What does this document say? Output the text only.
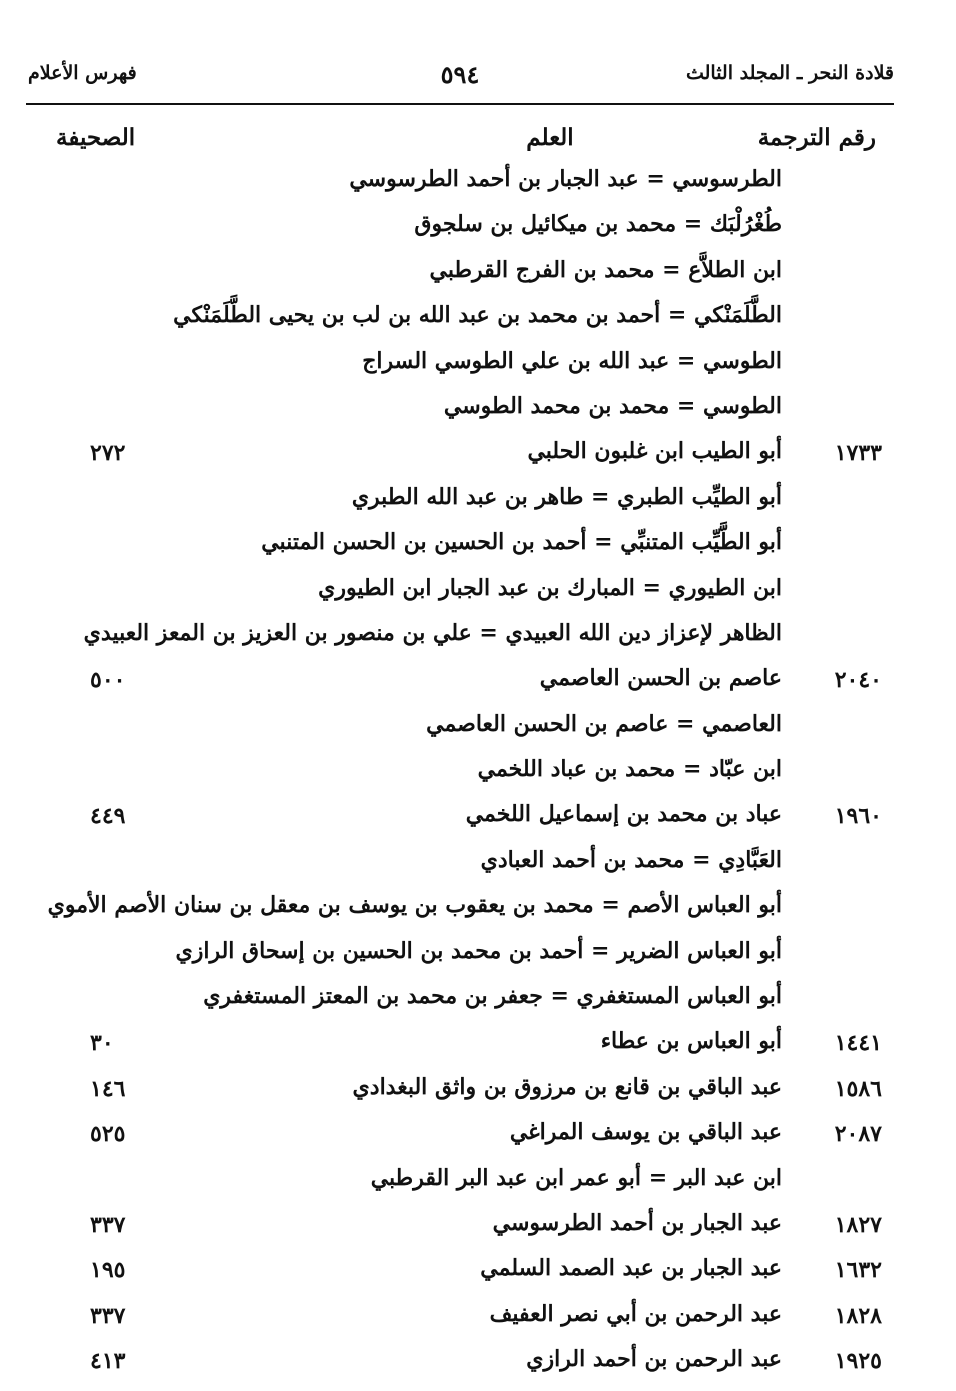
قلادة النحر ـ المجلد الثالث
٥٩٤
فهرس الأعلام
رقم الترجمة
العلم
الصحيفة
الطرسوسي = عبد الجبار بن أحمد الطرسوسي
طُغْرُلْبَك = محمد بن ميكائيل بن سلجوق
ابن الطلاَّع = محمد بن الفرج القرطبي
الطَّلَمَنْكي = أحمد بن محمد بن عبد الله بن لب بن يحيى الطَّلَمَنْكي
الطوسي = عبد الله بن علي الطوسي السراج
الطوسي = محمد بن محمد الطوسي
١٧٣٣
أبو الطيب ابن غلبون الحلبي
٢٧٢
أبو الطيِّب الطبري = طاهر بن عبد الله الطبري
أبو الطَّيِّب المتنبِّي = أحمد بن الحسين بن الحسن المتنبي
ابن الطيوري = المبارك بن عبد الجبار ابن الطيوري
الظاهر لإعزاز دين الله العبيدي = علي بن منصور بن العزيز بن المعز العبيدي
٢٠٤٠
عاصم بن الحسن العاصمي
٥٠٠
العاصمي = عاصم بن الحسن العاصمي
ابن عبّاد = محمد بن عباد اللخمي
١٩٦٠
عباد بن محمد بن إسماعيل اللخمي
٤٤٩
العَبَّادِي = محمد بن أحمد العبادي
أبو العباس الأصم = محمد بن يعقوب بن يوسف بن معقل بن سنان الأصم الأموي
أبو العباس الضرير = أحمد بن محمد بن الحسين بن إسحاق الرازي
أبو العباس المستغفري = جعفر بن محمد بن المعتز المستغفري
١٤٤١
أبو العباس بن عطاء
٣٠
١٥٨٦
عبد الباقي بن قانع بن مرزوق بن واثق البغدادي
١٤٦
٢٠٨٧
عبد الباقي بن يوسف المراغي
٥٢٥
ابن عبد البر = أبو عمر ابن عبد البر القرطبي
١٨٢٧
عبد الجبار بن أحمد الطرسوسي
٣٣٧
١٦٣٢
عبد الجبار بن عبد الصمد السلمي
١٩٥
١٨٢٨
عبد الرحمن بن أبي نصر العفيف
٣٣٧
١٩٢٥
عبد الرحمن بن أحمد الرازي
٤١٣
